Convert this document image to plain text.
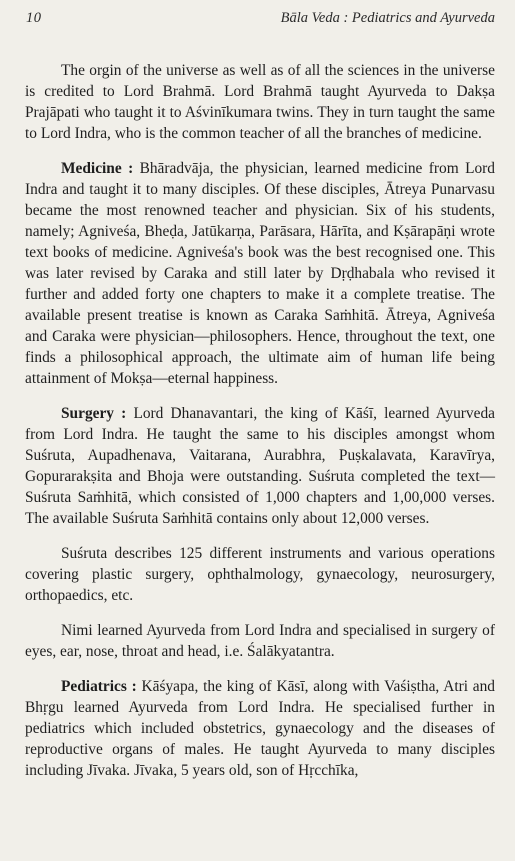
10	Bāla Veda : Pediatrics and Ayurveda

The orgin of the universe as well as of all the sciences in the universe is credited to Lord Brahmā. Lord Brahmā taught Ayurveda to Dakṣa Prajāpati who taught it to Aśvinīkumara twins. They in turn taught the same to Lord Indra, who is the common teacher of all the branches of medicine.

Medicine : Bhāradvāja, the physician, learned medicine from Lord Indra and taught it to many disciples. Of these disciples, Ātreya Punarvasu became the most renowned teacher and physician. Six of his students, namely; Agniveśa, Bheḍa, Jatūkarṇa, Parāsara, Hārīta, and Kṣārapāṇi wrote text books of medicine. Agniveśa's book was the best recognised one. This was later revised by Caraka and still later by Dṛḍhabala who revised it further and added forty one chapters to make it a complete treatise. The available present treatise is known as Caraka Saṁhitā. Ātreya, Agniveśa and Caraka were physician—philosophers. Hence, throughout the text, one finds a philosophical approach, the ultimate aim of human life being attainment of Mokṣa—eternal happiness.

Surgery : Lord Dhanavantari, the king of Kāśī, learned Ayurveda from Lord Indra. He taught the same to his disciples amongst whom Suśruta, Aupadhenava, Vaitarana, Aurabhra, Puṣkalavata, Karavīrya, Gopurarakṣita and Bhoja were outstanding. Suśruta completed the text—Suśruta Saṁhitā, which consisted of 1,000 chapters and 1,00,000 verses. The available Suśruta Saṁhitā contains only about 12,000 verses.

Suśruta describes 125 different instruments and various operations covering plastic surgery, ophthalmology, gynaecology, neurosurgery, orthopaedics, etc.

Nimi learned Ayurveda from Lord Indra and specialised in surgery of eyes, ear, nose, throat and head, i.e. Śalākyatantra.

Pediatrics : Kāśyapa, the king of Kāsī, along with Vaśiṣtha, Atri and Bhṛgu learned Ayurveda from Lord Indra. He specialised further in pediatrics which included obstetrics, gynaecology and the diseases of reproductive organs of males. He taught Ayurveda to many disciples including Jīvaka. Jīvaka, 5 years old, son of Hṛcchīka,
